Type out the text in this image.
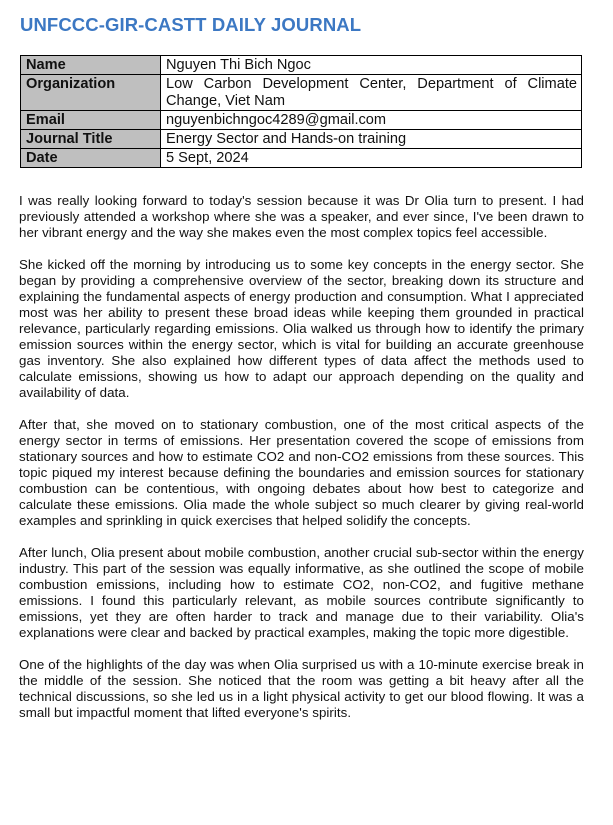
UNFCCC-GIR-CASTT DAILY JOURNAL
Name	Nguyen Thi Bich Ngoc
Organization	Low Carbon Development Center, Department of Climate Change, Viet Nam
Email	nguyenbichngoc4289@gmail.com
Journal Title	Energy Sector and Hands-on training
Date	5 Sept, 2024

I was really looking forward to today's session because it was Dr Olia turn to present. I had previously attended a workshop where she was a speaker, and ever since, I've been drawn to her vibrant energy and the way she makes even the most complex topics feel accessible.

She kicked off the morning by introducing us to some key concepts in the energy sector. She began by providing a comprehensive overview of the sector, breaking down its structure and explaining the fundamental aspects of energy production and consumption. What I appreciated most was her ability to present these broad ideas while keeping them grounded in practical relevance, particularly regarding emissions. Olia walked us through how to identify the primary emission sources within the energy sector, which is vital for building an accurate greenhouse gas inventory. She also explained how different types of data affect the methods used to calculate emissions, showing us how to adapt our approach depending on the quality and availability of data.

After that, she moved on to stationary combustion, one of the most critical aspects of the energy sector in terms of emissions. Her presentation covered the scope of emissions from stationary sources and how to estimate CO2 and non-CO2 emissions from these sources. This topic piqued my interest because defining the boundaries and emission sources for stationary combustion can be contentious, with ongoing debates about how best to categorize and calculate these emissions. Olia made the whole subject so much clearer by giving real-world examples and sprinkling in quick exercises that helped solidify the concepts.

After lunch, Olia present about mobile combustion, another crucial sub-sector within the energy industry. This part of the session was equally informative, as she outlined the scope of mobile combustion emissions, including how to estimate CO2, non-CO2, and fugitive methane emissions. I found this particularly relevant, as mobile sources contribute significantly to emissions, yet they are often harder to track and manage due to their variability. Olia's explanations were clear and backed by practical examples, making the topic more digestible.

One of the highlights of the day was when Olia surprised us with a 10-minute exercise break in the middle of the session. She noticed that the room was getting a bit heavy after all the technical discussions, so she led us in a light physical activity to get our blood flowing. It was a small but impactful moment that lifted everyone's spirits.
